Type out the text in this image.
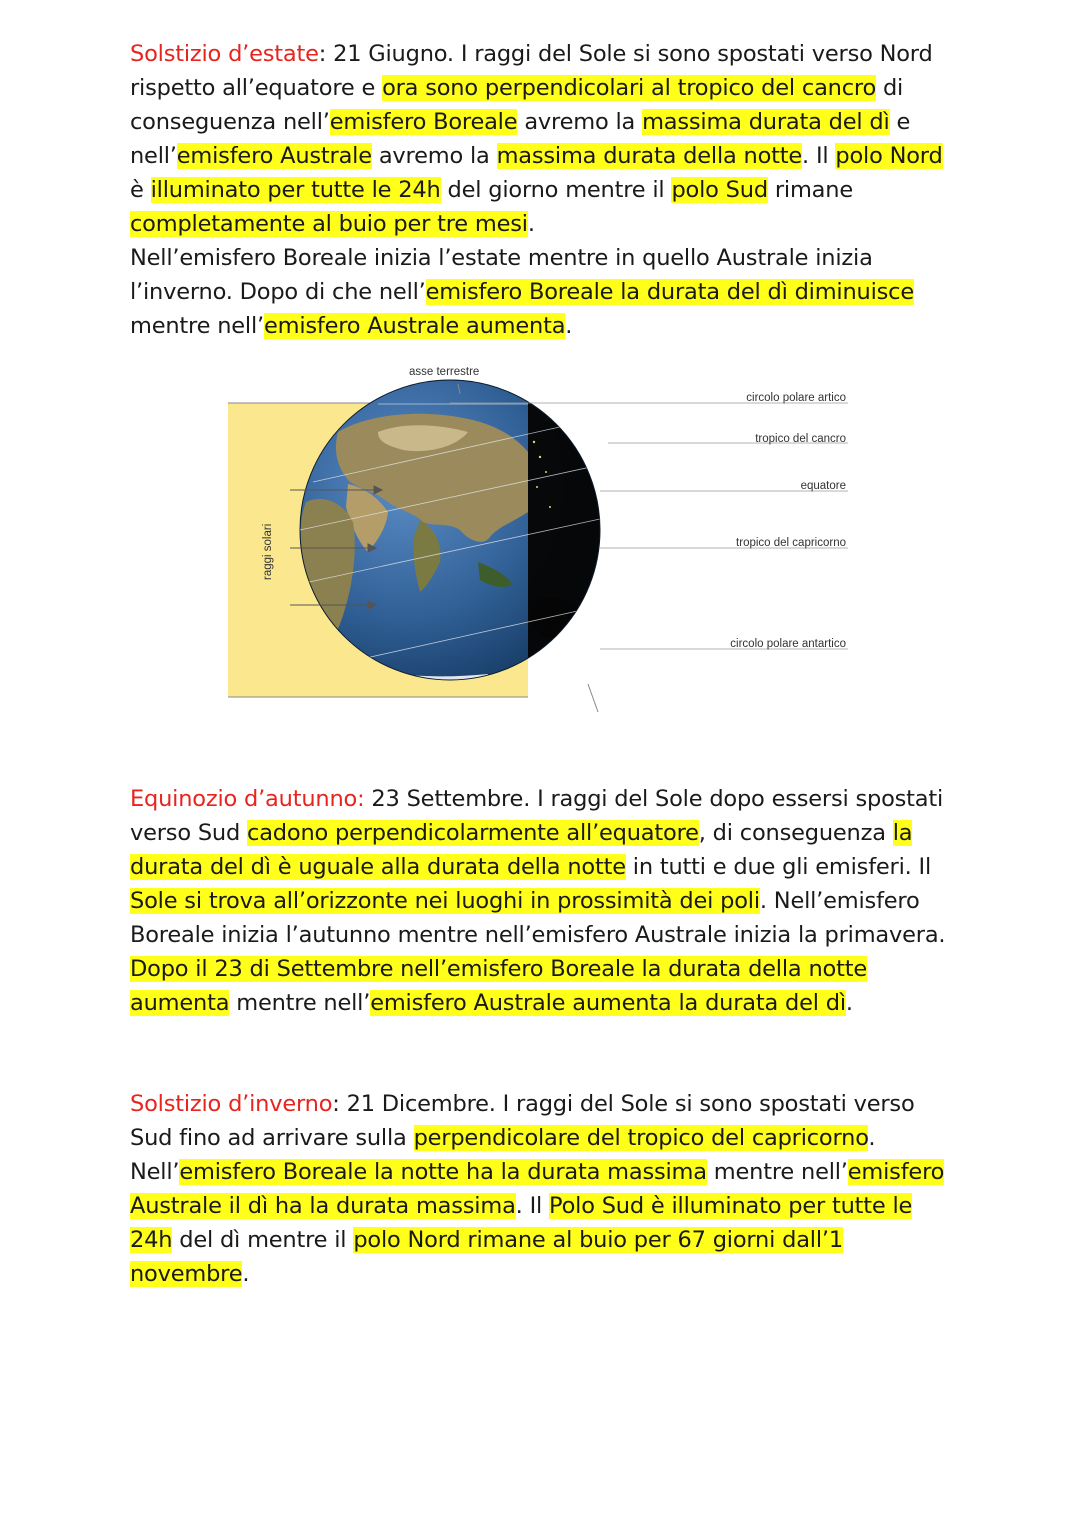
Solstizio d’estate: 21 Giugno. I raggi del Sole si sono spostati verso Nord rispetto all’equatore e ora sono perpendicolari al tropico del cancro di conseguenza nell’emisfero Boreale avremo la massima durata del dì e nell’emisfero Australe avremo la massima durata della notte. Il polo Nord è illuminato per tutte le 24h del giorno mentre il polo Sud rimane completamente al buio per tre mesi.
Nell’emisfero Boreale inizia l’estate mentre in quello Australe inizia l’inverno. Dopo di che nell’emisfero Boreale la durata del dì diminuisce mentre nell’emisfero Australe aumenta.
asse terrestre
raggi solari
circolo polare artico
tropico del cancro
equatore
tropico del capricorno
circolo polare antartico
Equinozio d’autunno: 23 Settembre. I raggi del Sole dopo essersi spostati verso Sud cadono perpendicolarmente all’equatore, di conseguenza la durata del dì è uguale alla durata della notte in tutti e due gli emisferi. Il Sole si trova all’orizzonte nei luoghi in prossimità dei poli. Nell’emisfero Boreale inizia l’autunno mentre nell’emisfero Australe inizia la primavera. Dopo il 23 di Settembre nell’emisfero Boreale la durata della notte aumenta mentre nell’emisfero Australe aumenta la durata del dì.
Solstizio d’inverno: 21 Dicembre. I raggi del Sole si sono spostati verso Sud fino ad arrivare sulla perpendicolare del tropico del capricorno. Nell’emisfero Boreale la notte ha la durata massima mentre nell’emisfero Australe il dì ha la durata massima. Il Polo Sud è illuminato per tutte le 24h del dì mentre il polo Nord rimane al buio per 67 giorni dall’1 novembre.
